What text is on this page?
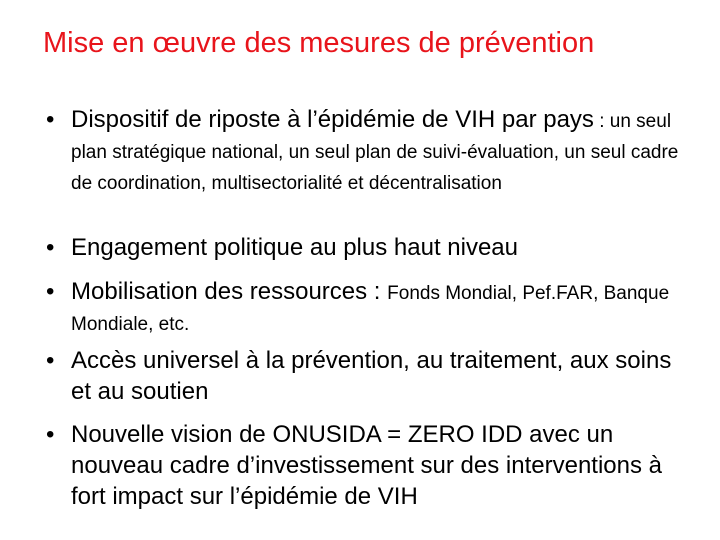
Mise en œuvre des mesures de prévention
• Dispositif de riposte à l’épidémie de VIH par pays : un seul plan stratégique national, un seul plan de suivi-évaluation, un seul cadre de coordination, multisectorialité et décentralisation
• Engagement politique au plus haut niveau
• Mobilisation des ressources : Fonds Mondial, Pef.FAR, Banque Mondiale, etc.
• Accès universel à la prévention, au traitement, aux soins et au soutien
• Nouvelle vision de ONUSIDA = ZERO IDD avec un nouveau cadre d’investissement sur des interventions à fort impact sur l’épidémie de VIH
